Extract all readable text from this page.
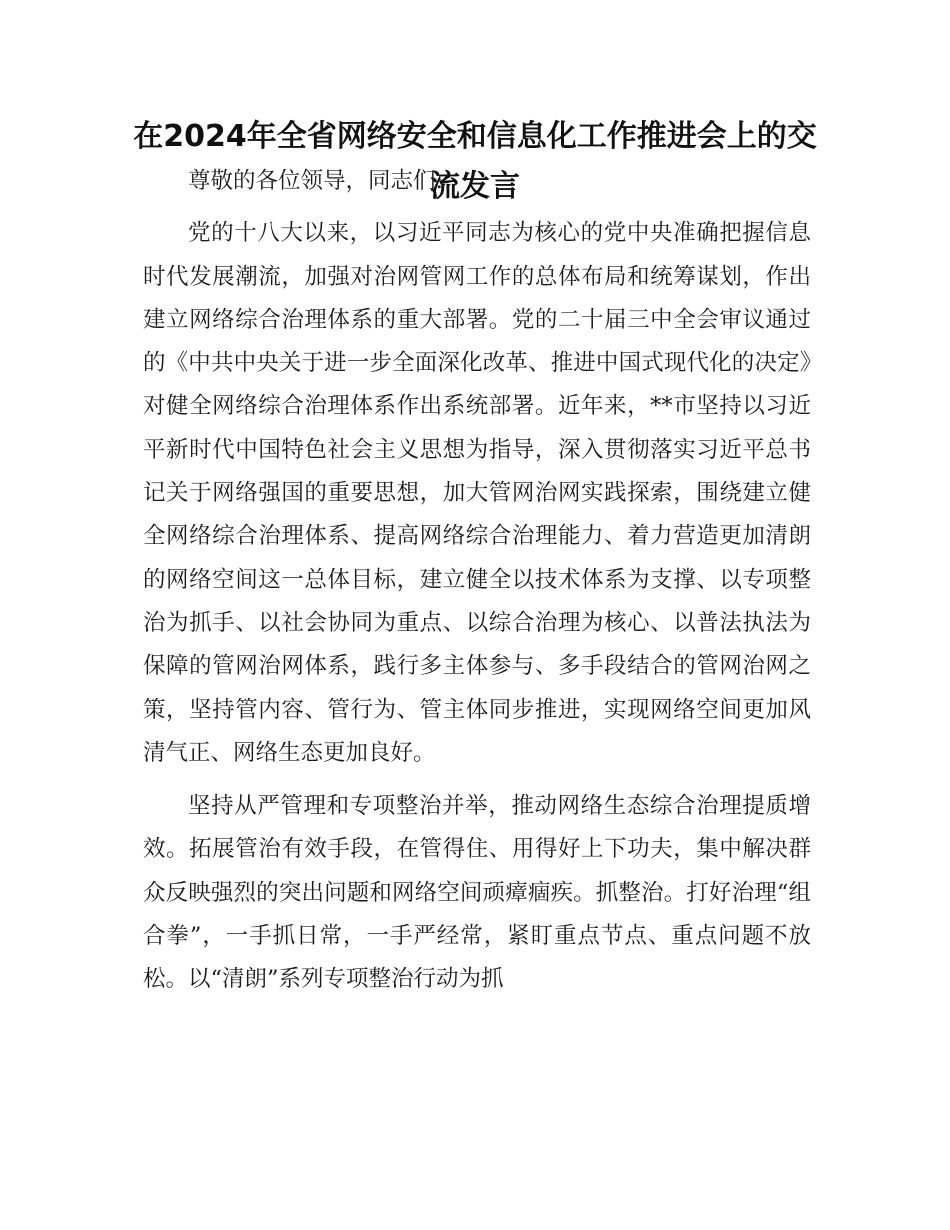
在2024年全省网络安全和信息化工作推进会上的交流发言

尊敬的各位领导，同志们:

党的十八大以来，以习近平同志为核心的党中央准确把握信息时代发展潮流，加强对治网管网工作的总体布局和统筹谋划，作出建立网络综合治理体系的重大部署。党的二十届三中全会审议通过的《中共中央关于进一步全面深化改革、推进中国式现代化的决定》对健全网络综合治理体系作出系统部署。近年来，**市坚持以习近平新时代中国特色社会主义思想为指导，深入贯彻落实习近平总书记关于网络强国的重要思想，加大管网治网实践探索，围绕建立健全网络综合治理体系、提高网络综合治理能力、着力营造更加清朗的网络空间这一总体目标，建立健全以技术体系为支撑、以专项整治为抓手、以社会协同为重点、以综合治理为核心、以普法执法为保障的管网治网体系，践行多主体参与、多手段结合的管网治网之策，坚持管内容、管行为、管主体同步推进，实现网络空间更加风清气正、网络生态更加良好。

坚持从严管理和专项整治并举，推动网络生态综合治理提质增效。拓展管治有效手段，在管得住、用得好上下功夫，集中解决群众反映强烈的突出问题和网络空间顽瘴痼疾。抓整治。打好治理“组合拳”，一手抓日常，一手严经常，紧盯重点节点、重点问题不放松。以“清朗”系列专项整治行动为抓
